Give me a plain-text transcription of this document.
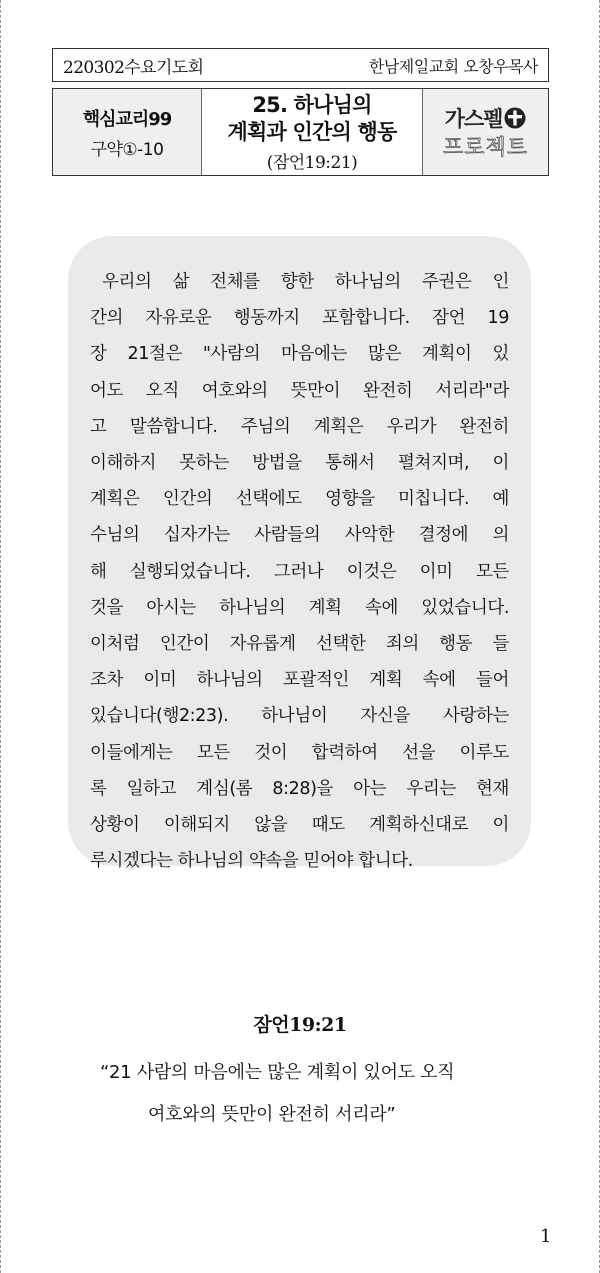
220302수요기도회	한남제일교회 오창우목사
핵심교리99
구약①-10
25. 하나님의
계획과 인간의 행동
(잠언19:21)
가스펠
프로젝트
우리의 삶 전체를 향한 하나님의 주권은 인
간의 자유로운 행동까지 포함합니다. 잠언 19
장 21절은 "사람의 마음에는 많은 계획이 있
어도 오직 여호와의 뜻만이 완전히 서리라"라
고 말씀합니다. 주님의 계획은 우리가 완전히
이해하지 못하는 방법을 통해서 펼쳐지며, 이
계획은 인간의 선택에도 영향을 미칩니다. 예
수님의 십자가는 사람들의 사악한 결정에 의
해 실행되었습니다. 그러나 이것은 이미 모든
것을 아시는 하나님의 계획 속에 있었습니다.
이처럼 인간이 자유롭게 선택한 죄의 행동 들
조차 이미 하나님의 포괄적인 계획 속에 들어
있습니다(행2:23). 하나님이 자신을 사랑하는
이들에게는 모든 것이 합력하여 선을 이루도
록 일하고 계심(롬 8:28)을 아는 우리는 현재
상황이 이해되지 않을 때도 계획하신대로 이
루시겠다는 하나님의 약속을 믿어야 합니다.
잠언19:21
“21 사람의 마음에는 많은 계획이 있어도 오직
여호와의 뜻만이 완전히 서리라”
1
